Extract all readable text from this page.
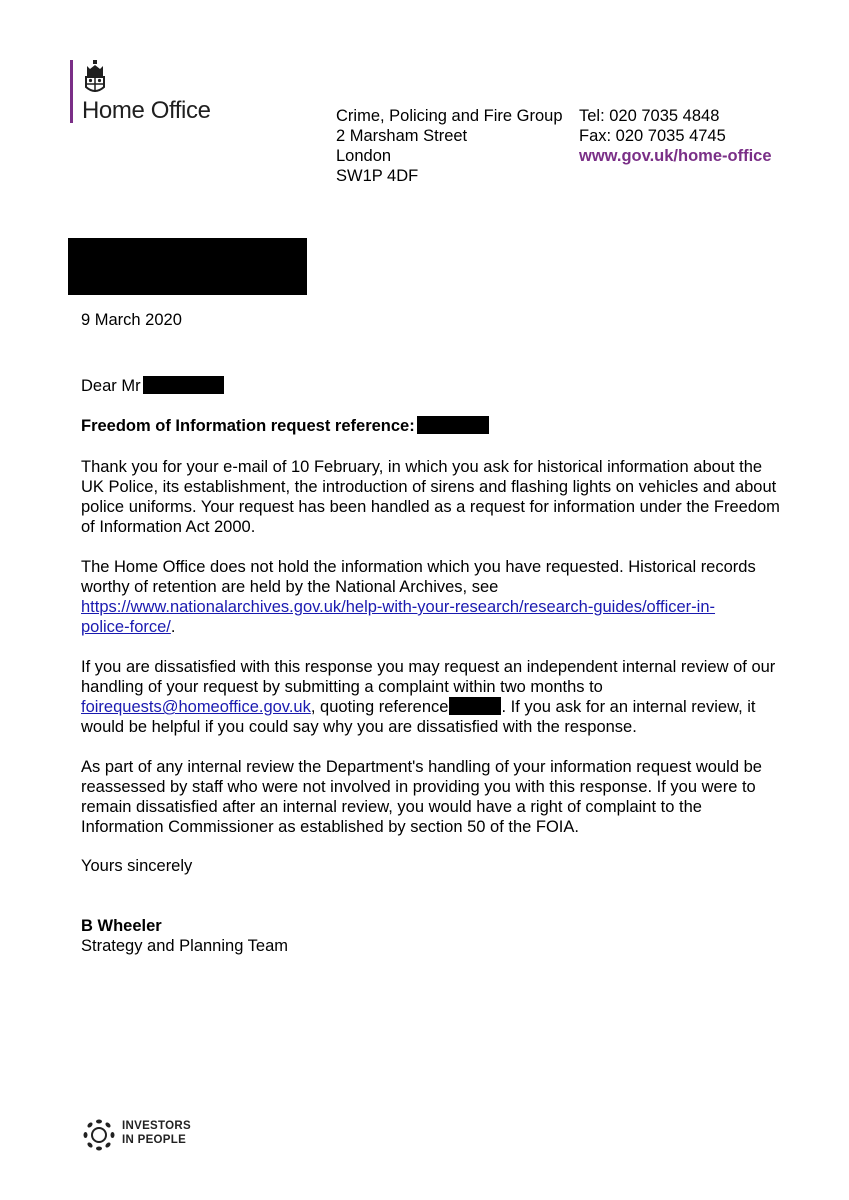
Home Office	Crime, Policing and Fire Group
2 Marsham Street
London
SW1P 4DF
Tel: 020 7035 4848
Fax: 020 7035 4745
www.gov.uk/home-office
9 March 2020
Dear Mr
Freedom of Information request reference:
Thank you for your e-mail of 10 February, in which you ask for historical information about the UK Police, its establishment, the introduction of sirens and flashing lights on vehicles and about police uniforms. Your request has been handled as a request for information under the Freedom of Information Act 2000.
The Home Office does not hold the information which you have requested. Historical records worthy of retention are held by the National Archives, see
https://www.nationalarchives.gov.uk/help-with-your-research/research-guides/officer-in-
police-force/.
If you are dissatisfied with this response you may request an independent internal review of our handling of your request by submitting a complaint within two months to
foirequests@homeoffice.gov.uk, quoting reference	. If you ask for an internal review, it would be helpful if you could say why you are dissatisfied with the response.
As part of any internal review the Department's handling of your information request would be reassessed by staff who were not involved in providing you with this response. If you were to remain dissatisfied after an internal review, you would have a right of complaint to the Information Commissioner as established by section 50 of the FOIA.
Yours sincerely
B Wheeler
Strategy and Planning Team
INVESTORS
IN PEOPLE
